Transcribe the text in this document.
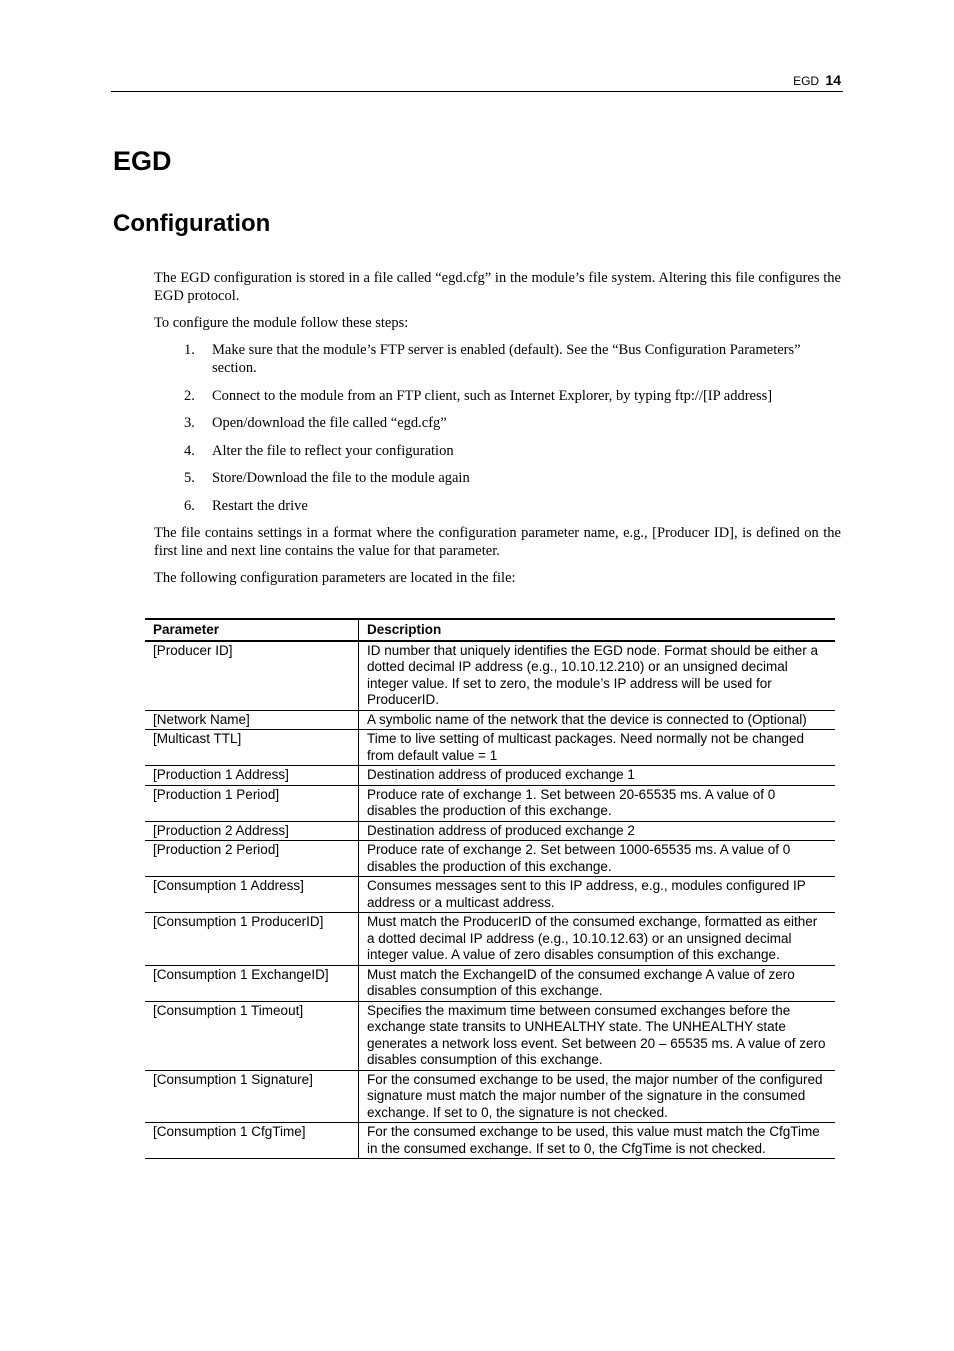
EGD 14
EGD
Configuration

The EGD configuration is stored in a file called “egd.cfg” in the module’s file system. Altering this file configures the EGD protocol.

To configure the module follow these steps:

1. Make sure that the module’s FTP server is enabled (default). See the “Bus Configuration Parameters” section.
2. Connect to the module from an FTP client, such as Internet Explorer, by typing ftp://[IP address]
3. Open/download the file called “egd.cfg”
4. Alter the file to reflect your configuration
5. Store/Download the file to the module again
6. Restart the drive

The file contains settings in a format where the configuration parameter name, e.g., [Producer ID], is defined on the first line and next line contains the value for that parameter.

The following configuration parameters are located in the file:

Parameter	Description
[Producer ID]	ID number that uniquely identifies the EGD node. Format should be either a dotted decimal IP address (e.g., 10.10.12.210) or an unsigned decimal integer value. If set to zero, the module’s IP address will be used for ProducerID.
[Network Name]	A symbolic name of the network that the device is connected to (Optional)
[Multicast TTL]	Time to live setting of multicast packages. Need normally not be changed from default value = 1
[Production 1 Address]	Destination address of produced exchange 1
[Production 1 Period]	Produce rate of exchange 1. Set between 20-65535 ms. A value of 0 disables the production of this exchange.
[Production 2 Address]	Destination address of produced exchange 2
[Production 2 Period]	Produce rate of exchange 2. Set between 1000-65535 ms. A value of 0 disables the production of this exchange.
[Consumption 1 Address]	Consumes messages sent to this IP address, e.g., modules configured IP address or a multicast address.
[Consumption 1 ProducerID]	Must match the ProducerID of the consumed exchange, formatted as either a dotted decimal IP address (e.g., 10.10.12.63) or an unsigned decimal integer value. A value of zero disables consumption of this exchange.
[Consumption 1 ExchangeID]	Must match the ExchangeID of the consumed exchange A value of zero disables consumption of this exchange.
[Consumption 1 Timeout]	Specifies the maximum time between consumed exchanges before the exchange state transits to UNHEALTHY state. The UNHEALTHY state generates a network loss event. Set between 20 – 65535 ms. A value of zero disables consumption of this exchange.
[Consumption 1 Signature]	For the consumed exchange to be used, the major number of the configured signature must match the major number of the signature in the consumed exchange. If set to 0, the signature is not checked.
[Consumption 1 CfgTime]	For the consumed exchange to be used, this value must match the CfgTime in the consumed exchange. If set to 0, the CfgTime is not checked.
